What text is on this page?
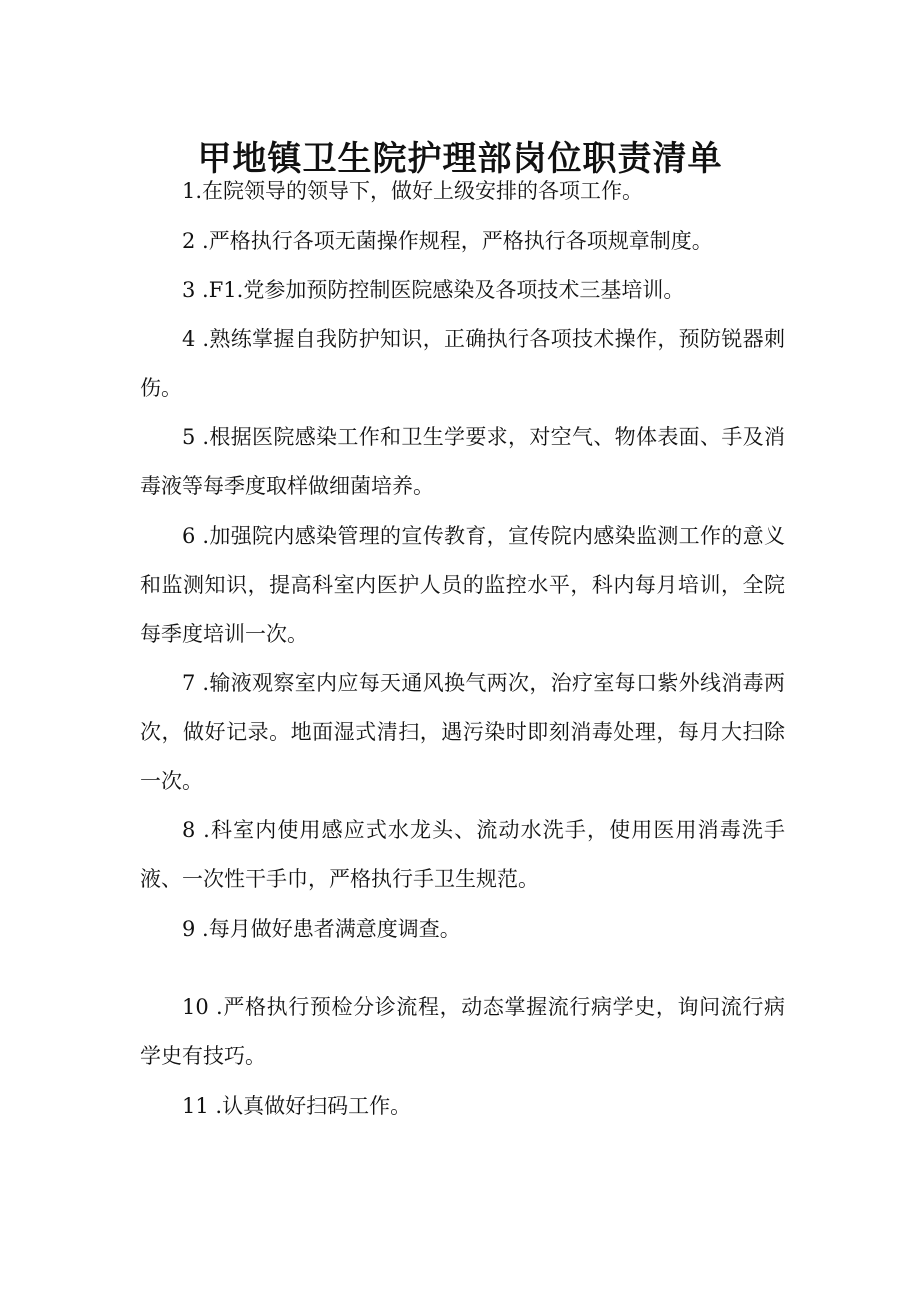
甲地镇卫生院护理部岗位职责清单

1.在院领导的领导下，做好上级安排的各项工作。

2 .严格执行各项无菌操作规程，严格执行各项规章制度。

3 .F1.党参加预防控制医院感染及各项技术三基培训。

4 .熟练掌握自我防护知识，正确执行各项技术操作，预防锐器刺伤。

5 .根据医院感染工作和卫生学要求，对空气、物体表面、手及消毒液等每季度取样做细菌培养。

6 .加强院内感染管理的宣传教育，宣传院内感染监测工作的意义和监测知识，提高科室内医护人员的监控水平，科内每月培训，全院每季度培训一次。

7 .输液观察室内应每天通风换气两次，治疗室每口紫外线消毒两次，做好记录。地面湿式清扫，遇污染时即刻消毒处理，每月大扫除一次。

8 .科室内使用感应式水龙头、流动水洗手，使用医用消毒洗手液、一次性干手巾，严格执行手卫生规范。

9 .每月做好患者满意度调查。

10 .严格执行预检分诊流程，动态掌握流行病学史，询问流行病学史有技巧。

11 .认真做好扫码工作。
